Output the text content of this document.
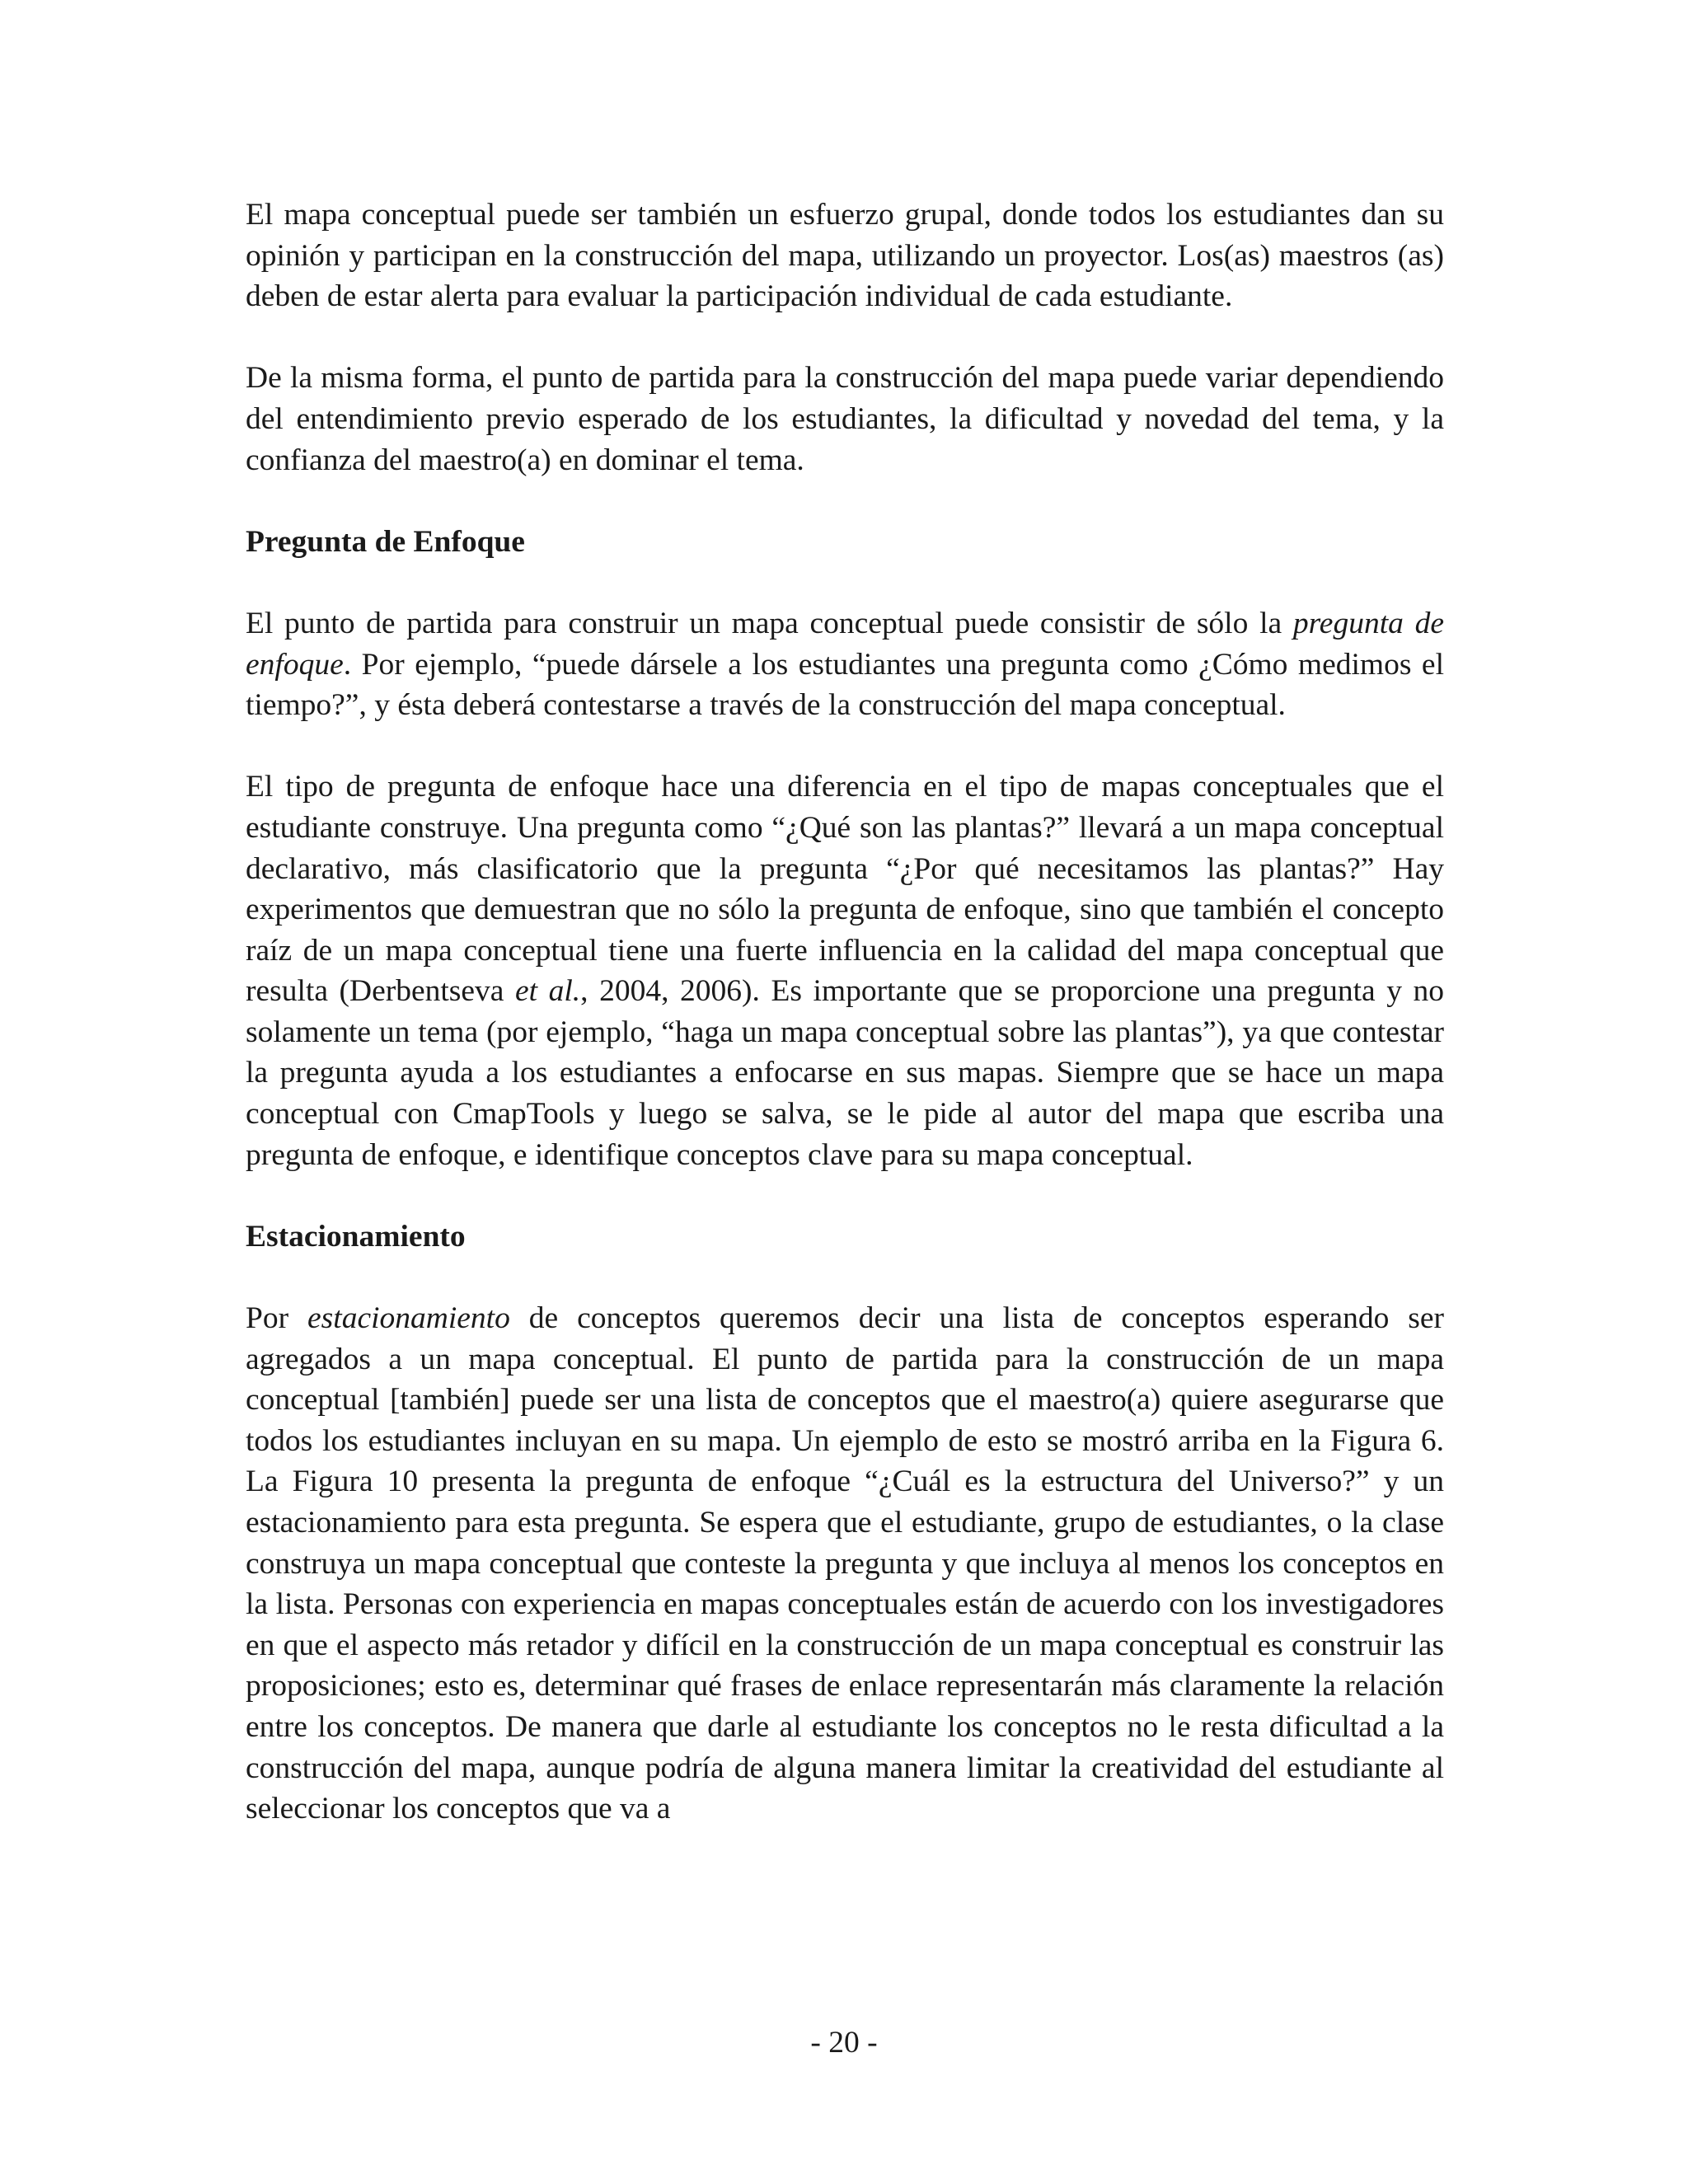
El mapa conceptual puede ser también un esfuerzo grupal, donde todos los estudiantes dan su opinión y participan en la construcción del mapa, utilizando un proyector. Los(as) maestros (as) deben de estar alerta para evaluar la participación individual de cada estudiante.

De la misma forma, el punto de partida para la construcción del mapa puede variar dependiendo del entendimiento previo esperado de los estudiantes, la dificultad y novedad del tema, y la confianza del maestro(a) en dominar el tema.

Pregunta de Enfoque

El punto de partida para construir un mapa conceptual puede consistir de sólo la pregunta de enfoque. Por ejemplo, “puede dársele a los estudiantes una pregunta como ¿Cómo medimos el tiempo?”, y ésta deberá contestarse a través de la construcción del mapa conceptual.

El tipo de pregunta de enfoque hace una diferencia en el tipo de mapas conceptuales que el estudiante construye. Una pregunta como “¿Qué son las plantas?” llevará a un mapa conceptual declarativo, más clasificatorio que la pregunta “¿Por qué necesitamos las plantas?” Hay experimentos que demuestran que no sólo la pregunta de enfoque, sino que también el concepto raíz de un mapa conceptual tiene una fuerte influencia en la calidad del mapa conceptual que resulta (Derbentseva et al., 2004, 2006). Es importante que se proporcione una pregunta y no solamente un tema (por ejemplo, “haga un mapa conceptual sobre las plantas”), ya que contestar la pregunta ayuda a los estudiantes a enfocarse en sus mapas. Siempre que se hace un mapa conceptual con CmapTools y luego se salva, se le pide al autor del mapa que escriba una pregunta de enfoque, e identifique conceptos clave para su mapa conceptual.

Estacionamiento

Por estacionamiento de conceptos queremos decir una lista de conceptos esperando ser agregados a un mapa conceptual. El punto de partida para la construcción de un mapa conceptual [también] puede ser una lista de conceptos que el maestro(a) quiere asegurarse que todos los estudiantes incluyan en su mapa. Un ejemplo de esto se mostró arriba en la Figura 6. La Figura 10 presenta la pregunta de enfoque “¿Cuál es la estructura del Universo?” y un estacionamiento para esta pregunta. Se espera que el estudiante, grupo de estudiantes, o la clase construya un mapa conceptual que conteste la pregunta y que incluya al menos los conceptos en la lista. Personas con experiencia en mapas conceptuales están de acuerdo con los investigadores en que el aspecto más retador y difícil en la construcción de un mapa conceptual es construir las proposiciones; esto es, determinar qué frases de enlace representarán más claramente la relación entre los conceptos. De manera que darle al estudiante los conceptos no le resta dificultad a la construcción del mapa, aunque podría de alguna manera limitar la creatividad del estudiante al seleccionar los conceptos que va a

- 20 -
